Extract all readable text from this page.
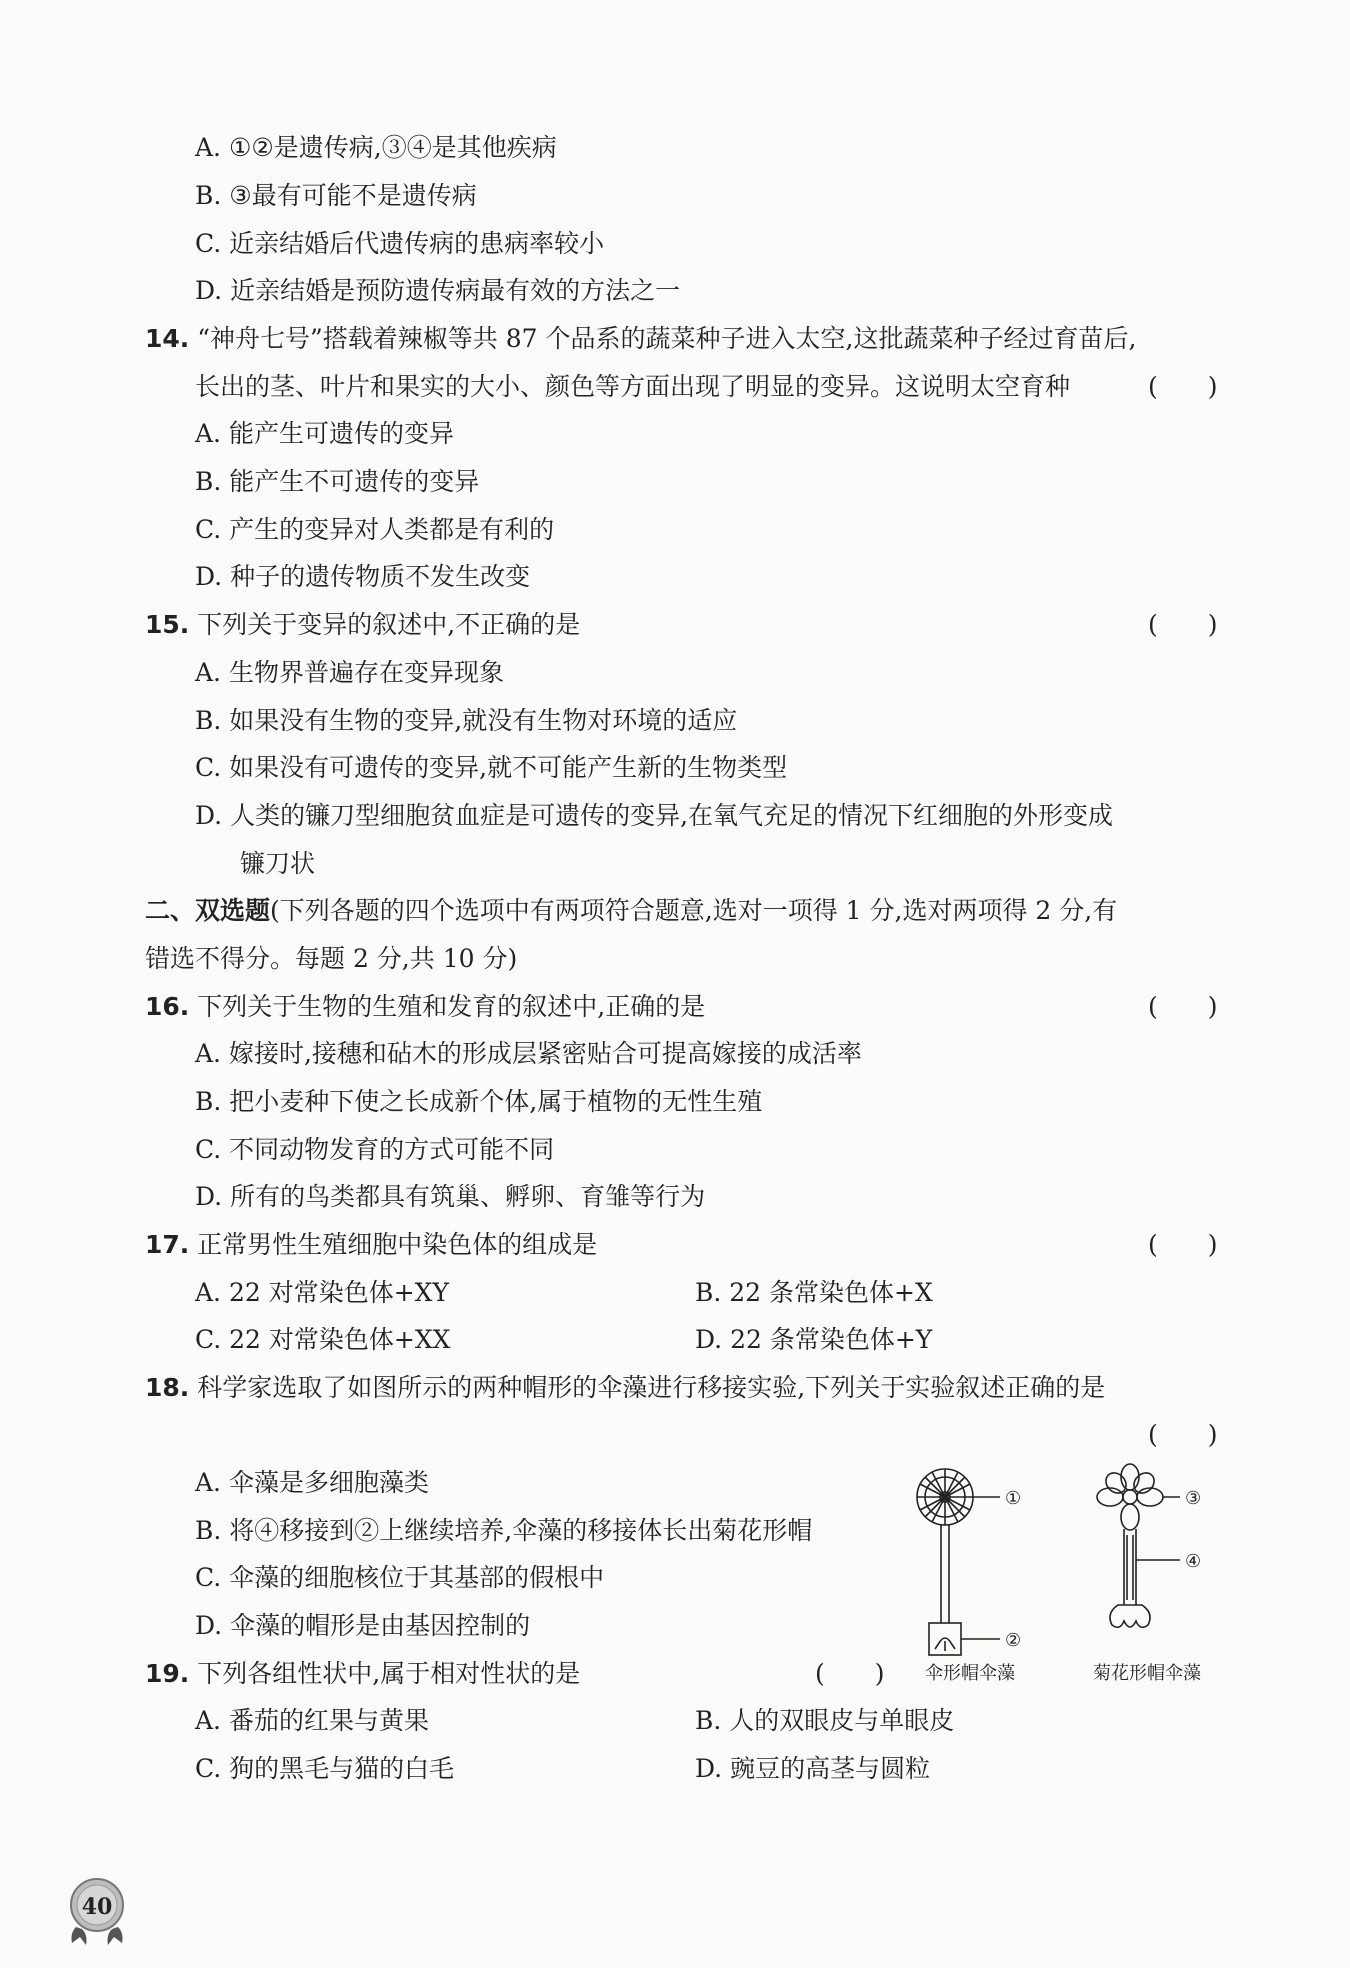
A. ①②是遗传病,③④是其他疾病
B. ③最有可能不是遗传病
C. 近亲结婚后代遗传病的患病率较小
D. 近亲结婚是预防遗传病最有效的方法之一
14. “神舟七号”搭载着辣椒等共 87 个品系的蔬菜种子进入太空,这批蔬菜种子经过育苗后,
长出的茎、叶片和果实的大小、颜色等方面出现了明显的变异。这说明太空育种	(　　)
A. 能产生可遗传的变异
B. 能产生不可遗传的变异
C. 产生的变异对人类都是有利的
D. 种子的遗传物质不发生改变
15. 下列关于变异的叙述中,不正确的是	(　　)
A. 生物界普遍存在变异现象
B. 如果没有生物的变异,就没有生物对环境的适应
C. 如果没有可遗传的变异,就不可能产生新的生物类型
D. 人类的镰刀型细胞贫血症是可遗传的变异,在氧气充足的情况下红细胞的外形变成
镰刀状
二、双选题(下列各题的四个选项中有两项符合题意,选对一项得 1 分,选对两项得 2 分,有
错选不得分。每题 2 分,共 10 分)
16. 下列关于生物的生殖和发育的叙述中,正确的是	(　　)
A. 嫁接时,接穗和砧木的形成层紧密贴合可提高嫁接的成活率
B. 把小麦种下使之长成新个体,属于植物的无性生殖
C. 不同动物发育的方式可能不同
D. 所有的鸟类都具有筑巢、孵卵、育雏等行为
17. 正常男性生殖细胞中染色体的组成是	(　　)
A. 22 对常染色体+XY	B. 22 条常染色体+X
C. 22 对常染色体+XX	D. 22 条常染色体+Y
18. 科学家选取了如图所示的两种帽形的伞藻进行移接实验,下列关于实验叙述正确的是
(　　)
A. 伞藻是多细胞藻类
B. 将④移接到②上继续培养,伞藻的移接体长出菊花形帽
C. 伞藻的细胞核位于其基部的假根中
D. 伞藻的帽形是由基因控制的
①
②
③
④
伞形帽伞藻	菊花形帽伞藻
19. 下列各组性状中,属于相对性状的是	(　　)
A. 番茄的红果与黄果	B. 人的双眼皮与单眼皮
C. 狗的黑毛与猫的白毛	D. 豌豆的高茎与圆粒
40
